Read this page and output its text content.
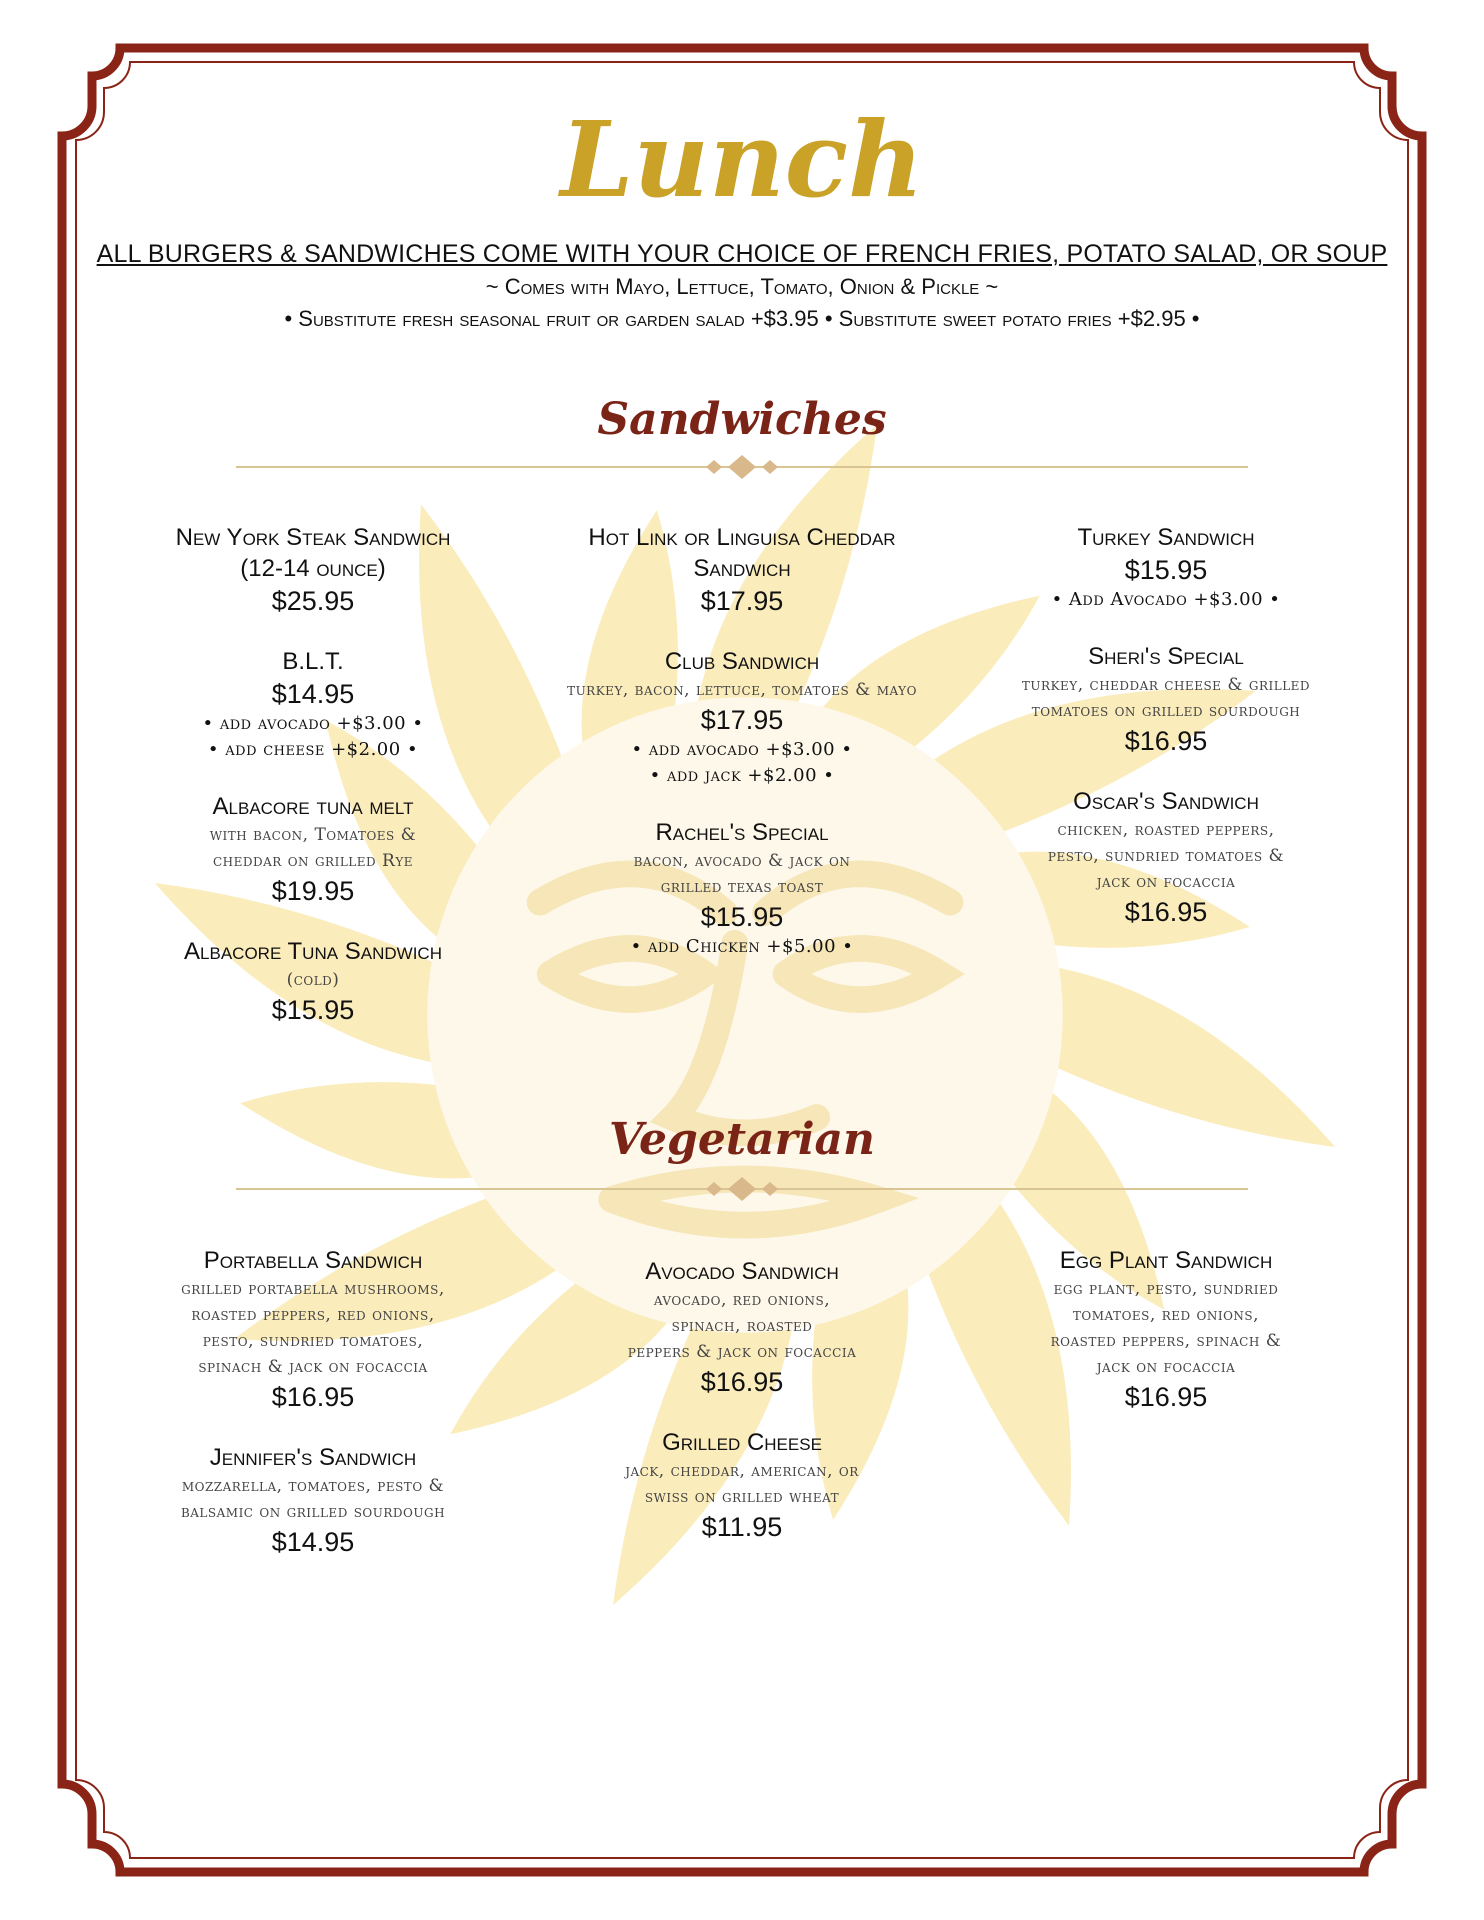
Lunch
ALL BURGERS & SANDWICHES COME WITH YOUR CHOICE OF FRENCH FRIES, POTATO SALAD, OR SOUP
~ Comes with Mayo, Lettuce, Tomato, Onion & Pickle ~
• Substitute fresh seasonal fruit or garden salad +$3.95 • Substitute sweet potato fries +$2.95 •
Sandwiches
New York Steak Sandwich
(12-14 ounce)
$25.95
B.L.T.
$14.95
• add avocado +$3.00 •
• add cheese +$2.00 •
Albacore tuna melt
with bacon, Tomatoes &
cheddar on grilled Rye
$19.95
Albacore Tuna Sandwich
(cold)
$15.95
Hot Link or Linguisa Cheddar
Sandwich
$17.95
Club Sandwich
turkey, bacon, lettuce, tomatoes & mayo
$17.95
• add avocado +$3.00 •
• add jack +$2.00 •
Rachel's Special
bacon, avocado & jack on
grilled texas toast
$15.95
• add Chicken +$5.00 •
Turkey Sandwich
$15.95
• Add Avocado +$3.00 •
Sheri's Special
turkey, cheddar cheese & grilled
tomatoes on grilled sourdough
$16.95
Oscar's Sandwich
chicken, roasted peppers,
pesto, sundried tomatoes &
jack on focaccia
$16.95
Vegetarian
Portabella Sandwich
grilled portabella mushrooms,
roasted peppers, red onions,
pesto, sundried tomatoes,
spinach & jack on focaccia
$16.95
Jennifer's Sandwich
mozzarella, tomatoes, pesto &
balsamic on grilled sourdough
$14.95
Avocado Sandwich
avocado, red onions,
spinach, roasted
peppers & jack on focaccia
$16.95
Grilled Cheese
jack, cheddar, american, or
swiss on grilled wheat
$11.95
Egg Plant Sandwich
egg plant, pesto, sundried
tomatoes, red onions,
roasted peppers, spinach &
jack on focaccia
$16.95
